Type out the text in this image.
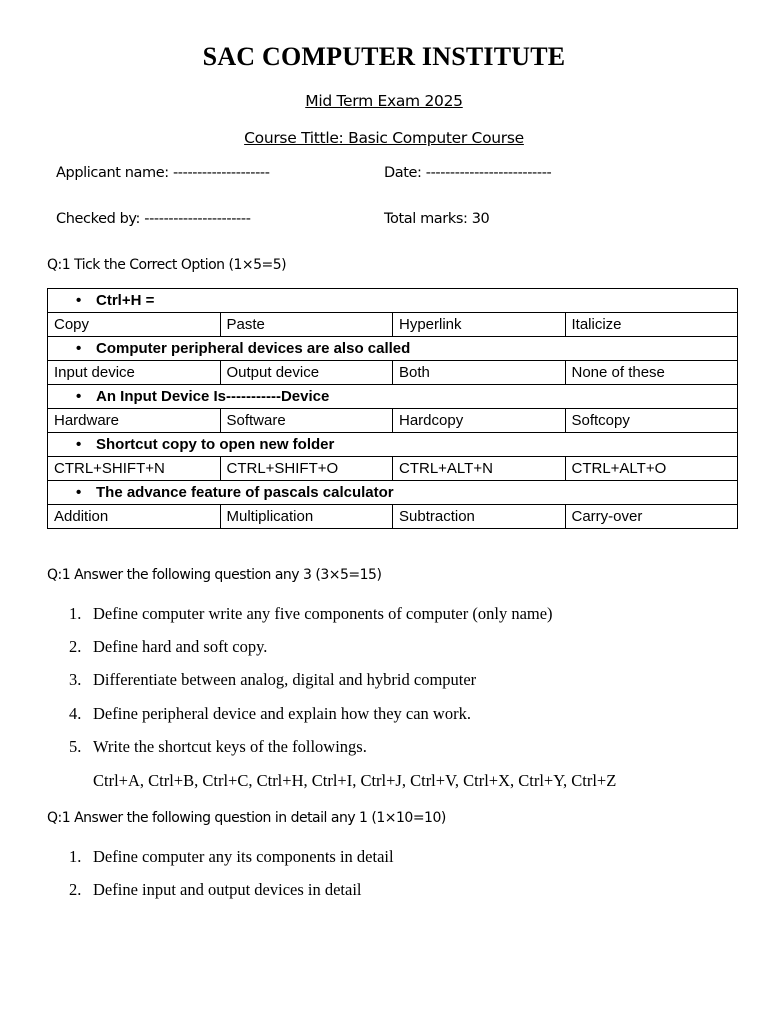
SAC COMPUTER INSTITUTE
Mid Term Exam 2025
Course Tittle: Basic Computer Course
Applicant name: --------------------	Date: --------------------------
Checked by: ----------------------	Total marks: 30
Q:1 Tick the Correct Option (1×5=5)
• Ctrl+H =			
Copy	Paste	Hyperlink	Italicize
• Computer peripheral devices are also called			
Input device	Output device	Both	None of these
• An Input Device Is-----------Device			
Hardware	Software	Hardcopy	Softcopy
• Shortcut copy to open new folder			
CTRL+SHIFT+N	CTRL+SHIFT+O	CTRL+ALT+N	CTRL+ALT+O
• The advance feature of pascals calculator			
Addition	Multiplication	Subtraction	Carry-over
Q:1 Answer the following question any 3 (3×5=15)
1. Define computer write any five components of computer (only name)
2. Define hard and soft copy.
3. Differentiate between analog, digital and hybrid computer
4. Define peripheral device and explain how they can work.
5. Write the shortcut keys of the followings.
Ctrl+A, Ctrl+B, Ctrl+C, Ctrl+H, Ctrl+I, Ctrl+J, Ctrl+V, Ctrl+X, Ctrl+Y, Ctrl+Z
Q:1 Answer the following question in detail any 1 (1×10=10)
1. Define computer any its components in detail
2. Define input and output devices in detail
